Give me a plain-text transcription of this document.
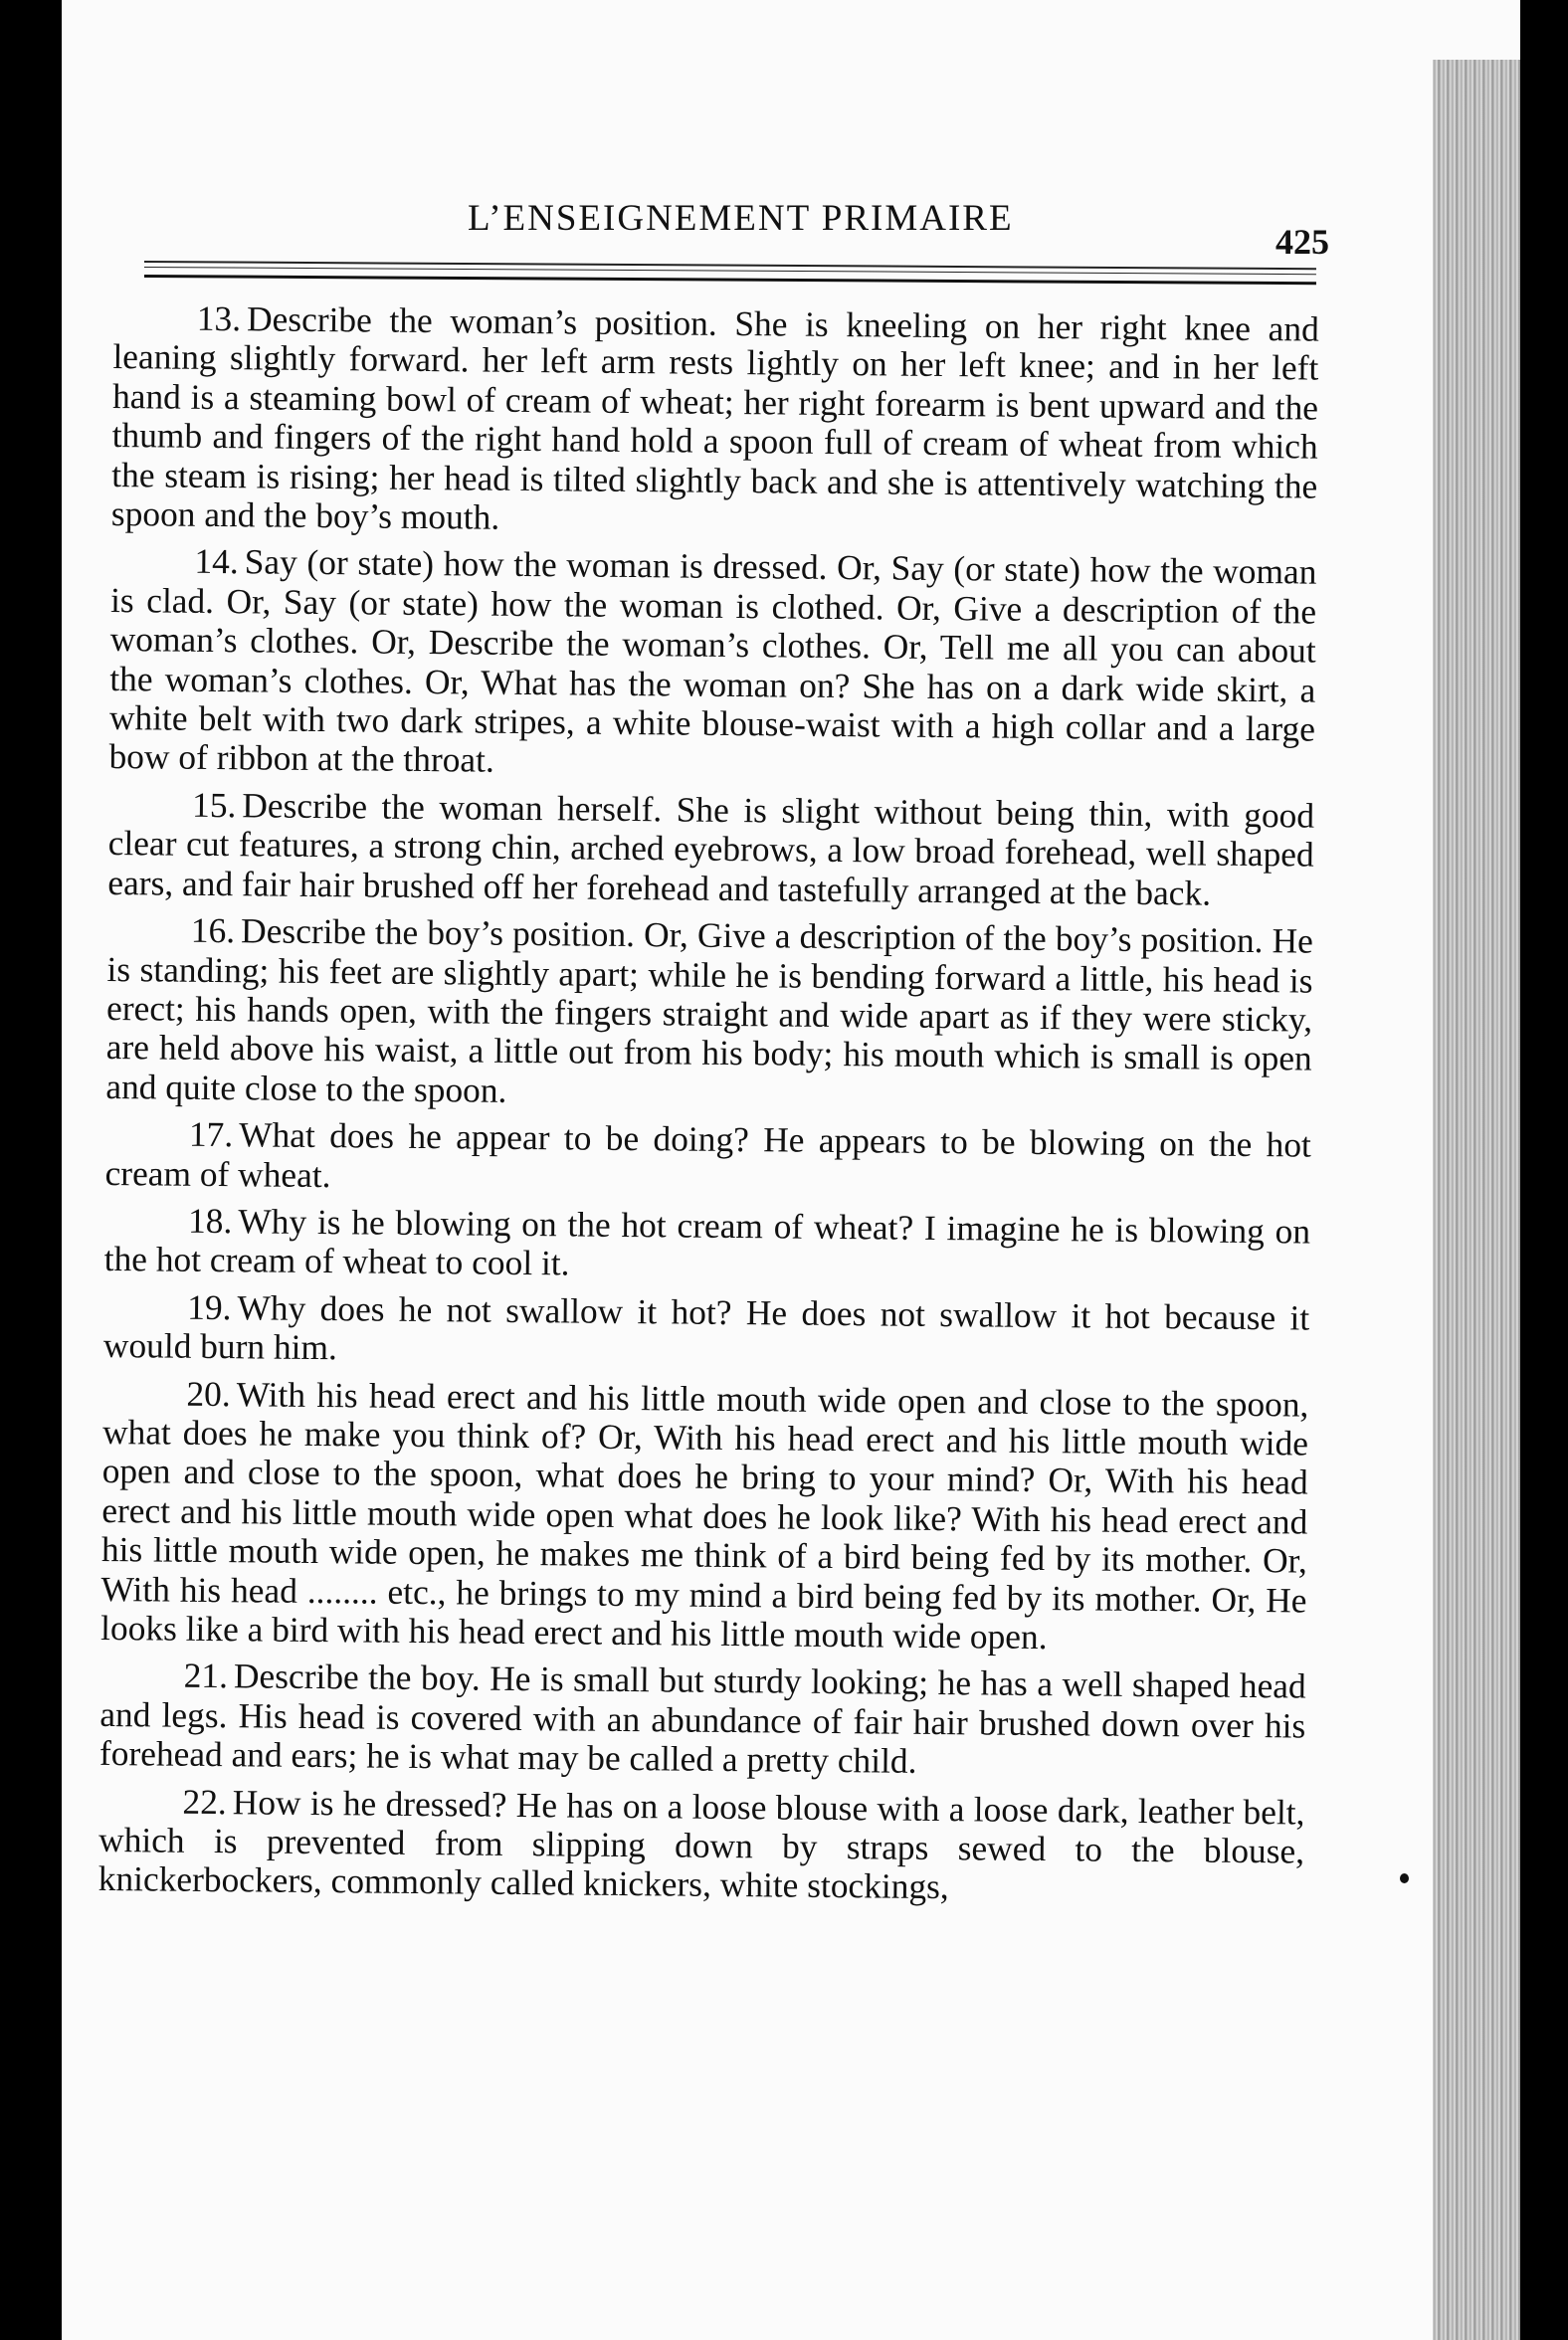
L’ENSEIGNEMENT PRIMAIRE
425

13. Describe the woman’s position. She is kneeling on her right knee and leaning slightly forward. her left arm rests lightly on her left knee; and in her left hand is a steaming bowl of cream of wheat; her right forearm is bent upward and the thumb and fingers of the right hand hold a spoon full of cream of wheat from which the steam is rising; her head is tilted slightly back and she is attentively watching the spoon and the boy’s mouth.

14. Say (or state) how the woman is dressed. Or, Say (or state) how the woman is clad. Or, Say (or state) how the woman is clothed. Or, Give a description of the woman’s clothes. Or, Describe the woman’s clothes. Or, Tell me all you can about the woman’s clothes. Or, What has the woman on? She has on a dark wide skirt, a white belt with two dark stripes, a white blouse-waist with a high collar and a large bow of ribbon at the throat.

15. Describe the woman herself. She is slight without being thin, with good clear cut features, a strong chin, arched eyebrows, a low broad forehead, well shaped ears, and fair hair brushed off her forehead and tastefully arranged at the back.

16. Describe the boy’s position. Or, Give a description of the boy’s position. He is standing; his feet are slightly apart; while he is bending forward a little, his head is erect; his hands open, with the fingers straight and wide apart as if they were sticky, are held above his waist, a little out from his body; his mouth which is small is open and quite close to the spoon.

17. What does he appear to be doing? He appears to be blowing on the hot cream of wheat.

18. Why is he blowing on the hot cream of wheat? I imagine he is blowing on the hot cream of wheat to cool it.

19. Why does he not swallow it hot? He does not swallow it hot because it would burn him.

20. With his head erect and his little mouth wide open and close to the spoon, what does he make you think of? Or, With his head erect and his little mouth wide open and close to the spoon, what does he bring to your mind? Or, With his head erect and his little mouth wide open what does he look like? With his head erect and his little mouth wide open, he makes me think of a bird being fed by its mother. Or, With his head ........ etc., he brings to my mind a bird being fed by its mother. Or, He looks like a bird with his head erect and his little mouth wide open.

21. Describe the boy. He is small but sturdy looking; he has a well shaped head and legs. His head is covered with an abundance of fair hair brushed down over his forehead and ears; he is what may be called a pretty child.

22. How is he dressed? He has on a loose blouse with a loose dark, leather belt, which is prevented from slipping down by straps sewed to the blouse, knickerbockers, commonly called knickers, white stockings,
